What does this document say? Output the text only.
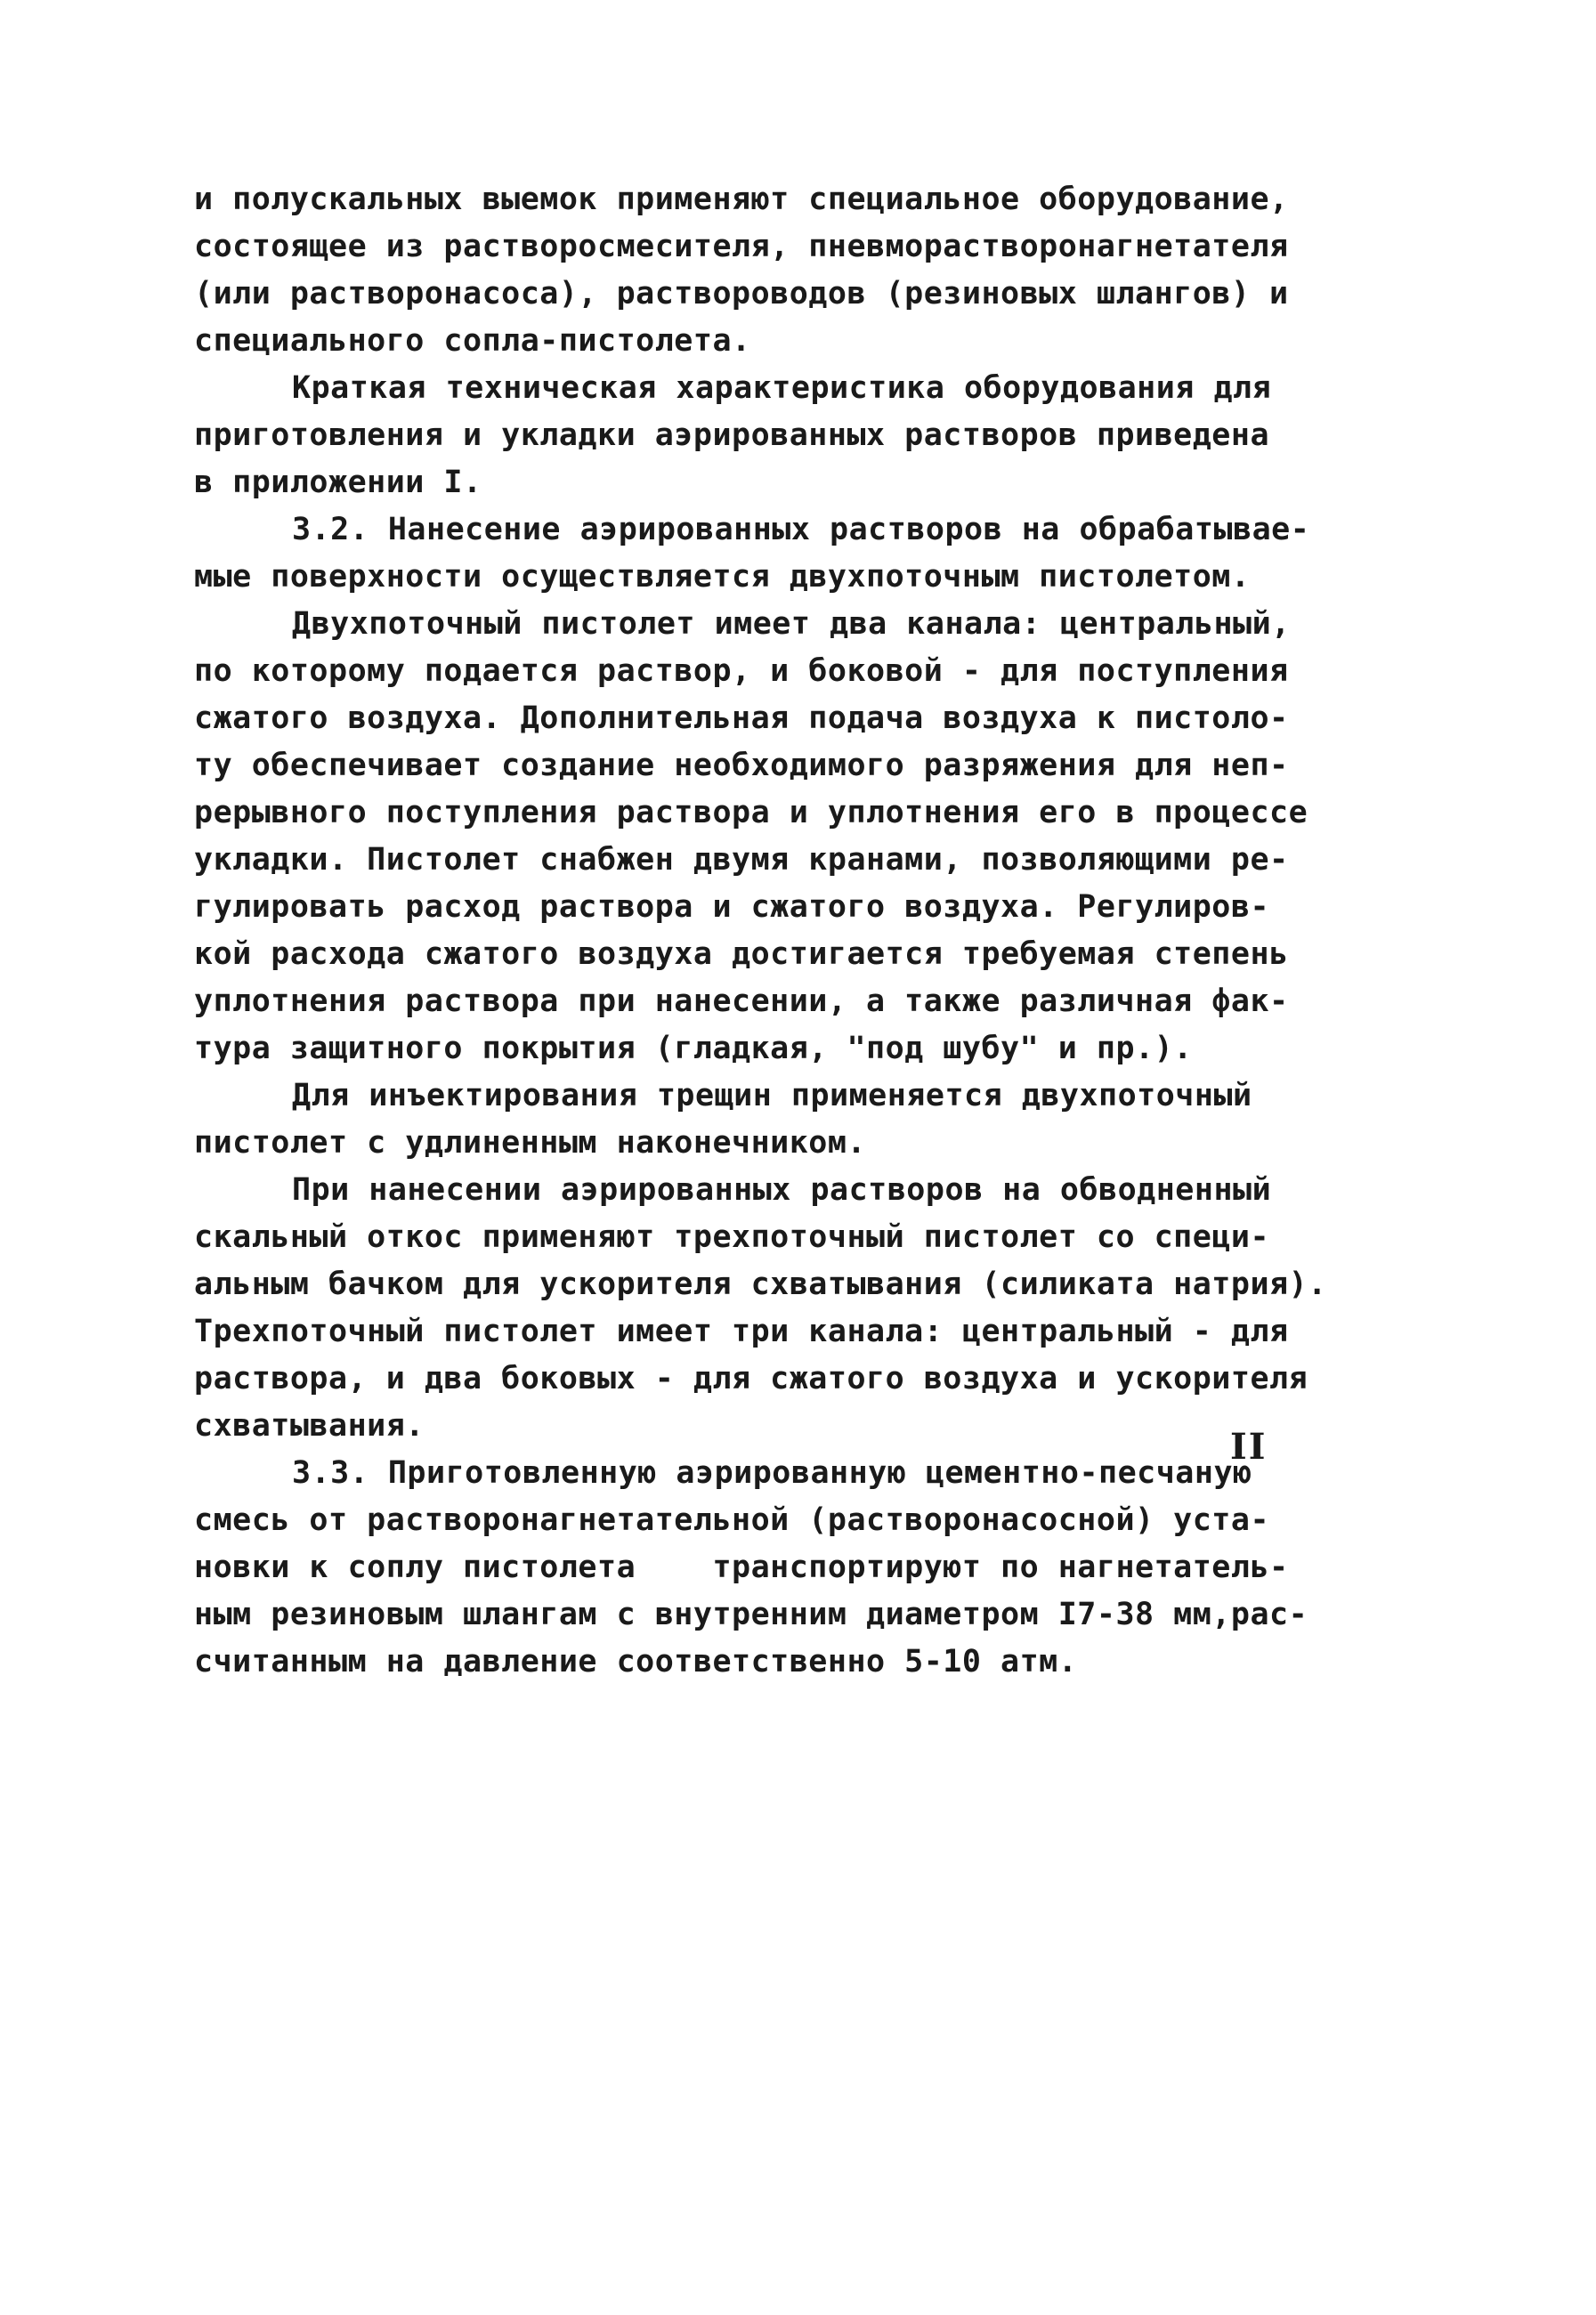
и полускальных выемок применяют специальное оборудование,
состоящее из растворосмесителя, пневморастворонагнетателя
(или растворонасоса), раствороводов (резиновых шлангов) и
специального сопла-пистолета.
Краткая техническая характеристика оборудования для
приготовления и укладки аэрированных растворов приведена
в приложении I.
3.2. Нанесение аэрированных растворов на обрабатывае-
мые поверхности осуществляется двухпоточным пистолетом.
Двухпоточный пистолет имеет два канала: центральный,
по которому подается раствор, и боковой - для поступления
сжатого воздуха. Дополнительная подача воздуха к пистоло-
ту обеспечивает создание необходимого разряжения для неп-
рерывного поступления раствора и уплотнения его в процессе
укладки. Пистолет снабжен двумя кранами, позволяющими ре-
гулировать расход раствора и сжатого воздуха. Регулиров-
кой расхода сжатого воздуха достигается требуемая степень
уплотнения раствора при нанесении, а также различная фак-
тура защитного покрытия (гладкая, "под шубу" и пр.).
Для инъектирования трещин применяется двухпоточный
пистолет с удлиненным наконечником.
При нанесении аэрированных растворов на обводненный
скальный откос применяют трехпоточный пистолет со специ-
альным бачком для ускорителя схватывания (силиката натрия).
Трехпоточный пистолет имеет три канала: центральный - для
раствора, и два боковых - для сжатого воздуха и ускорителя
схватывания.
3.3. Приготовленную аэрированную цементно-песчаную
смесь от растворонагнетательной (растворонасосной) уста-
новки к соплу пистолета    транспортируют по нагнетатель-
ным резиновым шлангам с внутренним диаметром I7-38 мм,рас-
считанным на давление соответственно 5-10 атм.
II
